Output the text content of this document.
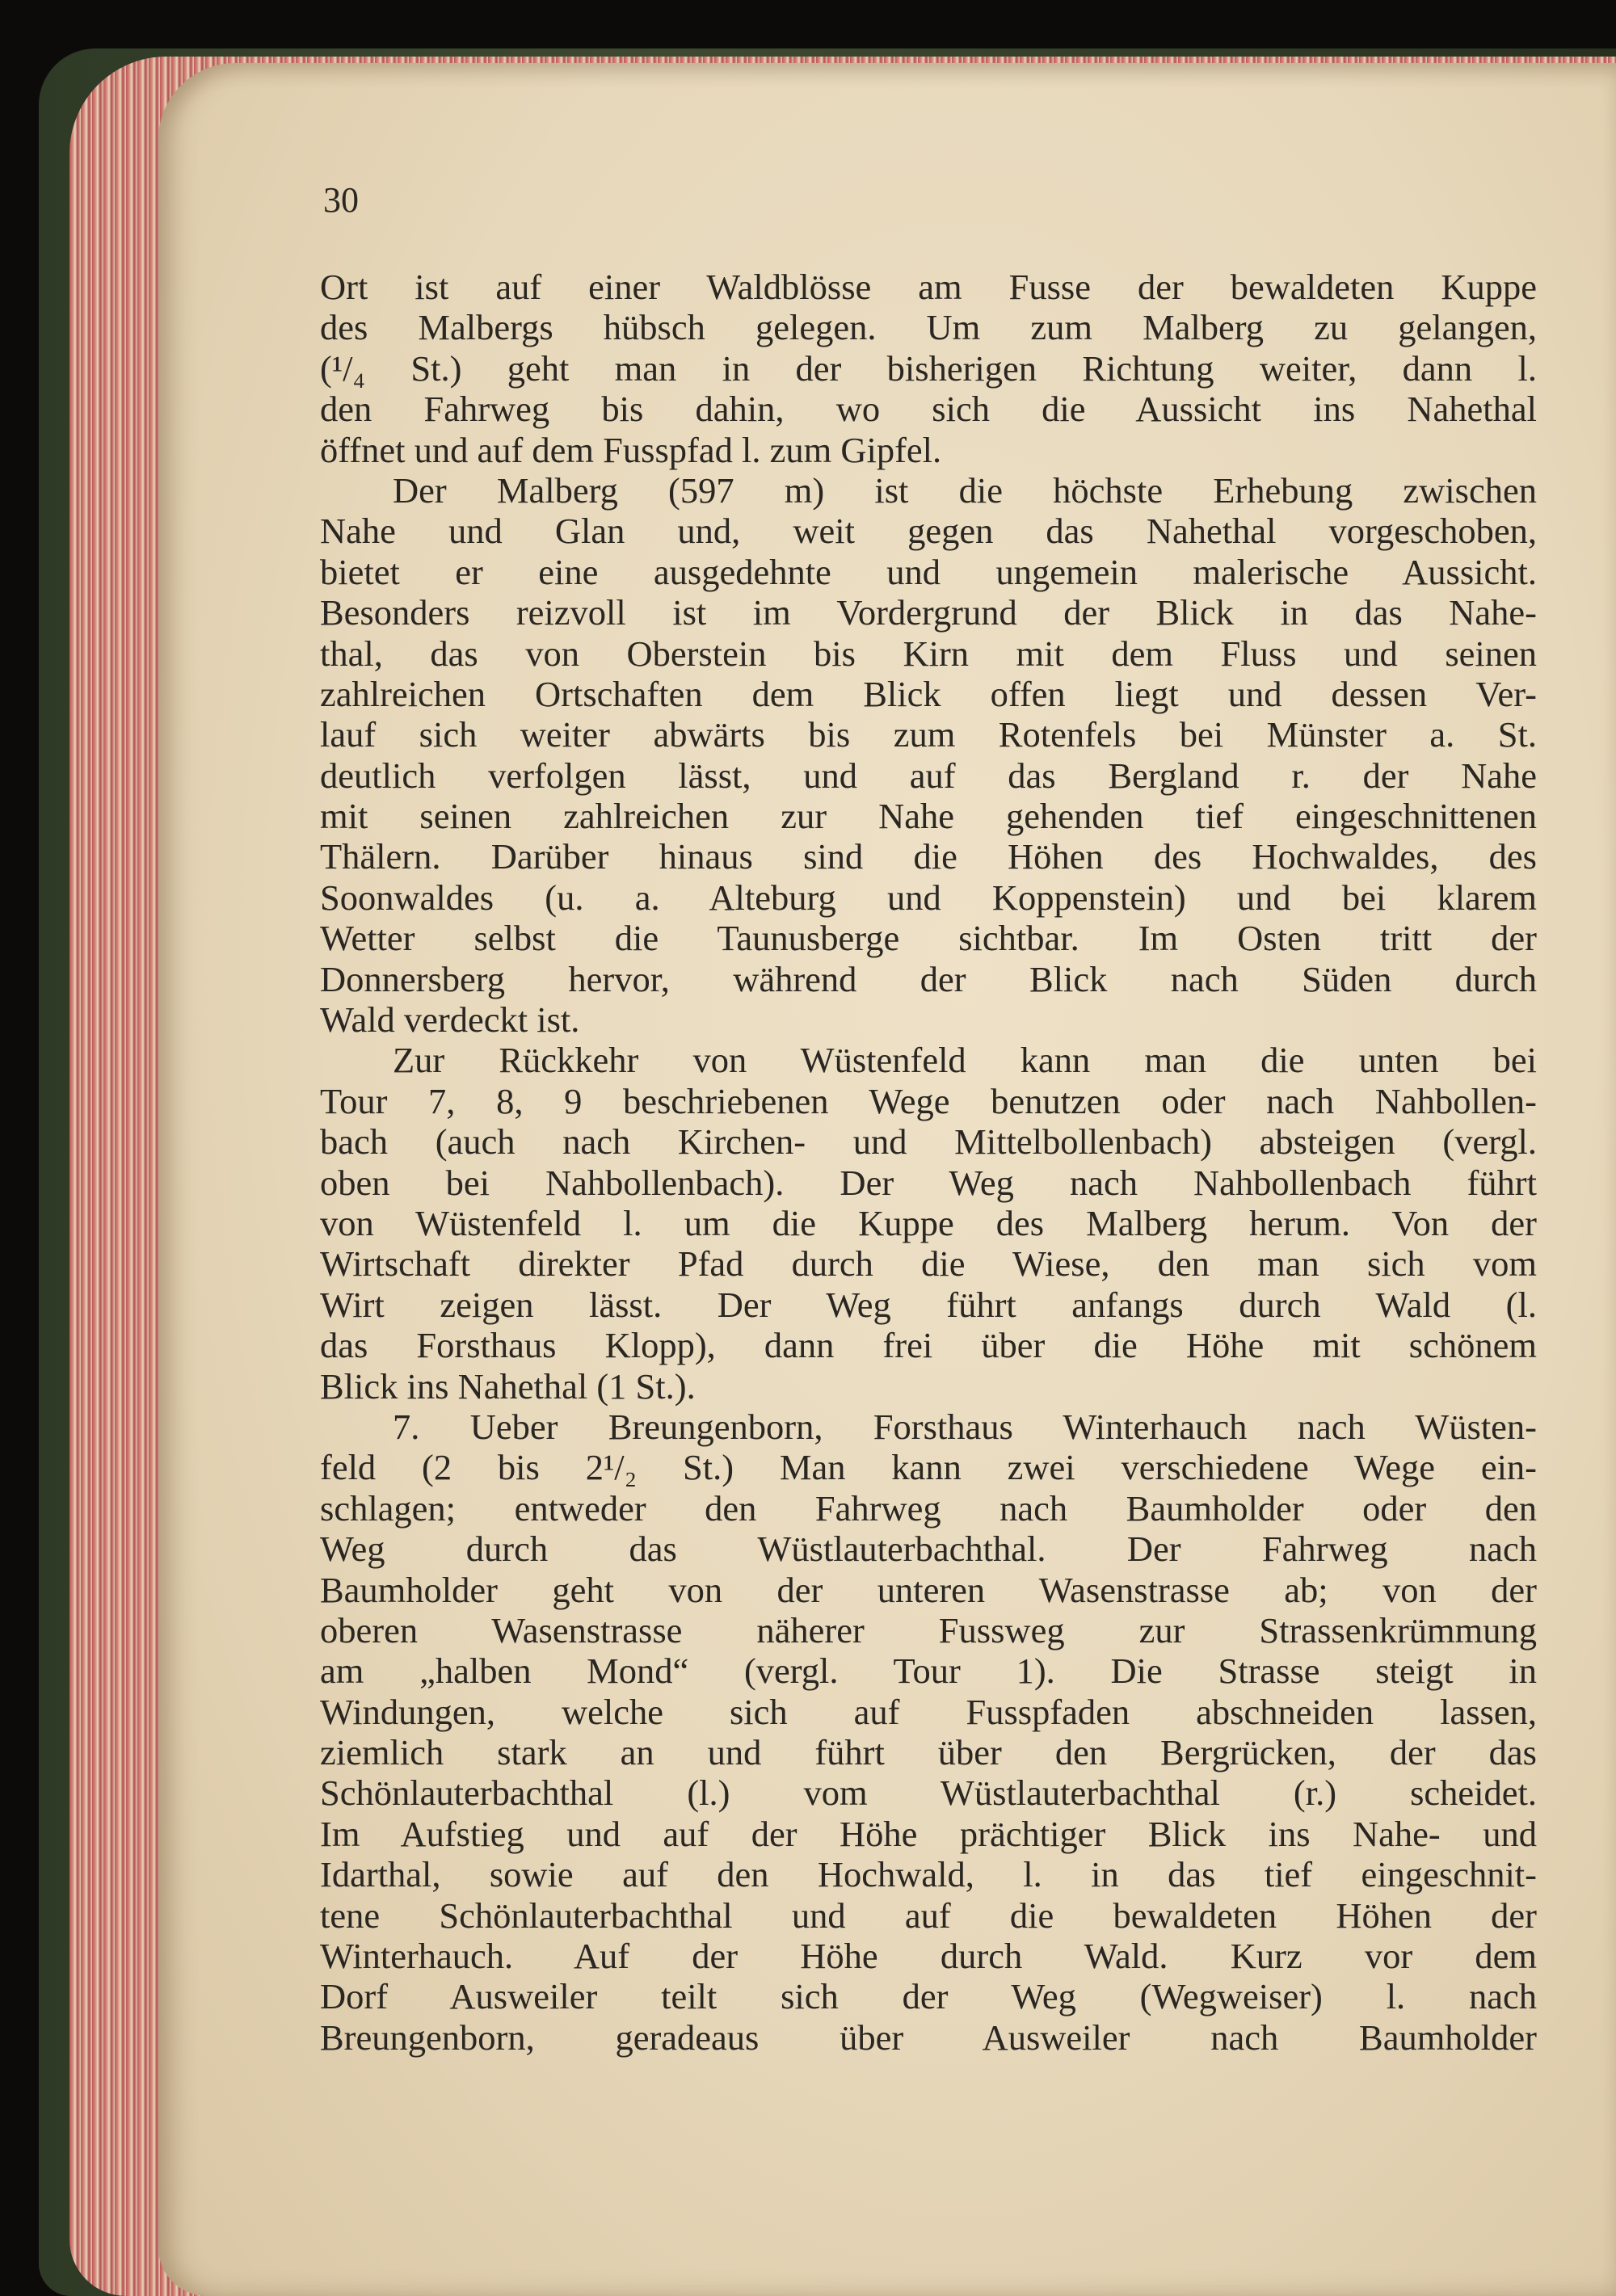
30
Ort ist auf einer Waldblösse am Fusse der bewaldeten Kuppe
des Malbergs hübsch gelegen. Um zum Malberg zu gelangen,
(¹/₄ St.) geht man in der bisherigen Richtung weiter, dann l.
den Fahrweg bis dahin, wo sich die Aussicht ins Nahethal
öffnet und auf dem Fusspfad l. zum Gipfel.
Der Malberg (597 m) ist die höchste Erhebung zwischen
Nahe und Glan und, weit gegen das Nahethal vorgeschoben,
bietet er eine ausgedehnte und ungemein malerische Aussicht.
Besonders reizvoll ist im Vordergrund der Blick in das Nahe-
thal, das von Oberstein bis Kirn mit dem Fluss und seinen
zahlreichen Ortschaften dem Blick offen liegt und dessen Ver-
lauf sich weiter abwärts bis zum Rotenfels bei Münster a. St.
deutlich verfolgen lässt, und auf das Bergland r. der Nahe
mit seinen zahlreichen zur Nahe gehenden tief eingeschnittenen
Thälern. Darüber hinaus sind die Höhen des Hochwaldes, des
Soonwaldes (u. a. Alteburg und Koppenstein) und bei klarem
Wetter selbst die Taunusberge sichtbar. Im Osten tritt der
Donnersberg hervor, während der Blick nach Süden durch
Wald verdeckt ist.
Zur Rückkehr von Wüstenfeld kann man die unten bei
Tour 7, 8, 9 beschriebenen Wege benutzen oder nach Nahbollen-
bach (auch nach Kirchen- und Mittelbollenbach) absteigen (vergl.
oben bei Nahbollenbach). Der Weg nach Nahbollenbach führt
von Wüstenfeld l. um die Kuppe des Malberg herum. Von der
Wirtschaft direkter Pfad durch die Wiese, den man sich vom
Wirt zeigen lässt. Der Weg führt anfangs durch Wald (l.
das Forsthaus Klopp), dann frei über die Höhe mit schönem
Blick ins Nahethal (1 St.).
7. Ueber Breungenborn, Forsthaus Winterhauch nach Wüsten-
feld (2 bis 2¹/₂ St.) Man kann zwei verschiedene Wege ein-
schlagen; entweder den Fahrweg nach Baumholder oder den
Weg durch das Wüstlauterbachthal. Der Fahrweg nach
Baumholder geht von der unteren Wasenstrasse ab; von der
oberen Wasenstrasse näherer Fussweg zur Strassenkrümmung
am „halben Mond“ (vergl. Tour 1). Die Strasse steigt in
Windungen, welche sich auf Fusspfaden abschneiden lassen,
ziemlich stark an und führt über den Bergrücken, der das
Schönlauterbachthal (l.) vom Wüstlauterbachthal (r.) scheidet.
Im Aufstieg und auf der Höhe prächtiger Blick ins Nahe- und
Idarthal, sowie auf den Hochwald, l. in das tief eingeschnit-
tene Schönlauterbachthal und auf die bewaldeten Höhen der
Winterhauch. Auf der Höhe durch Wald. Kurz vor dem
Dorf Ausweiler teilt sich der Weg (Wegweiser) l. nach
Breungenborn, geradeaus über Ausweiler nach Baumholder
